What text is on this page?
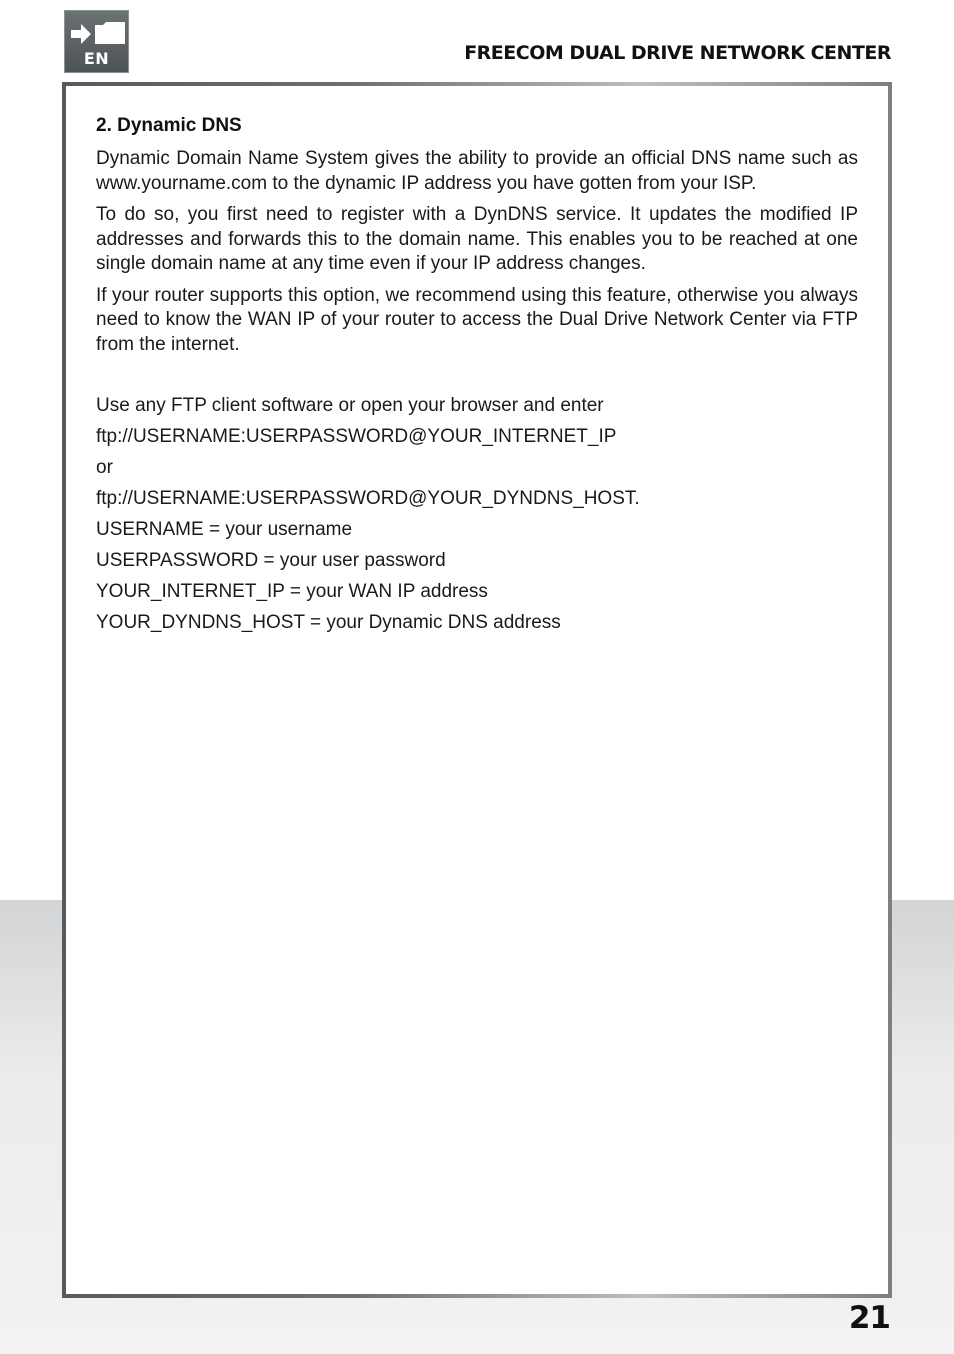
EN	FREECOM DUAL DRIVE NETWORK CENTER
2. Dynamic DNS

Dynamic Domain Name System gives the ability to provide an official DNS name such as www.yourname.com to the dynamic IP address you have gotten from your ISP.

To do so, you first need to register with a DynDNS service. It updates the modified IP addresses and forwards this to the domain name. This enables you to be reached at one single domain name at any time even if your IP address changes.

If your router supports this option, we recommend using this feature, otherwise you always need to know the WAN IP of your router to access the Dual Drive Network Center via FTP from the internet.

Use any FTP client software or open your browser and enter
ftp://USERNAME:USERPASSWORD@YOUR_INTERNET_IP
or
ftp://USERNAME:USERPASSWORD@YOUR_DYNDNS_HOST.
USERNAME = your username
USERPASSWORD = your user password
YOUR_INTERNET_IP = your WAN IP address
YOUR_DYNDNS_HOST = your Dynamic DNS address
21
